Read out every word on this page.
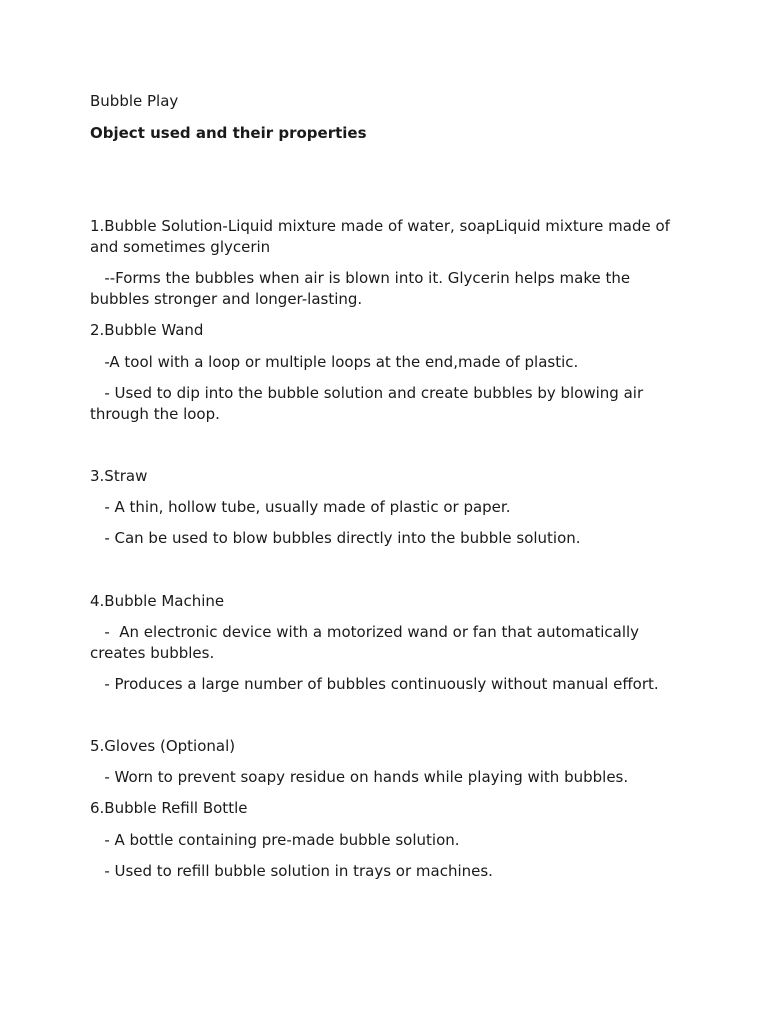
Bubble Play

Object used and their properties

1.Bubble Solution-Liquid mixture made of water, soapLiquid mixture made of and sometimes glycerin

--Forms the bubbles when air is blown into it. Glycerin helps make the bubbles stronger and longer-lasting.

2.Bubble Wand

-A tool with a loop or multiple loops at the end,made of plastic.

- Used to dip into the bubble solution and create bubbles by blowing air through the loop.

3.Straw

- A thin, hollow tube, usually made of plastic or paper.

- Can be used to blow bubbles directly into the bubble solution.

4.Bubble Machine

-  An electronic device with a motorized wand or fan that automatically creates bubbles.

- Produces a large number of bubbles continuously without manual effort.

5.Gloves (Optional)

- Worn to prevent soapy residue on hands while playing with bubbles.

6.Bubble Refill Bottle

- A bottle containing pre-made bubble solution.

- Used to refill bubble solution in trays or machines.
